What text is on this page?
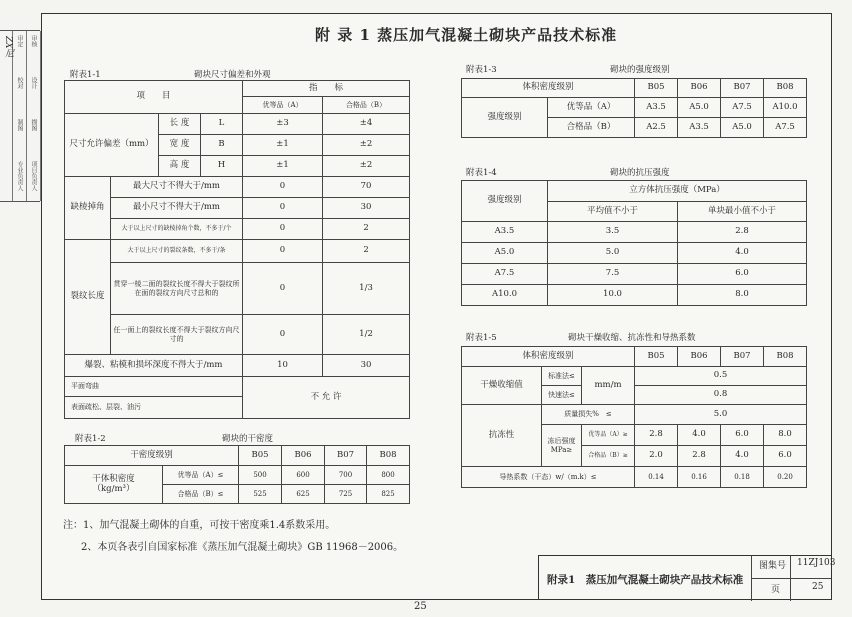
审定 审核
校对 设计
制图 描图
专业负责人 项目负责人
ZX尼
附 录 1 蒸压加气混凝土砌块产品技术标准
附表1-1	砌块尺寸偏差和外观
项　　目				指　　标	
				优等品（A）	合格品（B）
尺寸允许偏差（mm）		长 度	L	±3	±4
		宽 度	B	±1	±2
		高 度	H	±1	±2
缺棱掉角	最大尺寸不得大于/mm			0	70
	最小尺寸不得大于/mm			0	30
	大于以上尺寸的缺棱掉角个数，不多于/个			0	2
裂纹长度	大于以上尺寸的裂纹条数，不多于/条			0	2
	贯穿一棱二面的裂纹长度不得大于裂纹所在面的裂纹方向尺寸总和的			0	1/3
	任一面上的裂纹长度不得大于裂纹方向尺寸的			0	1/2
爆裂、粘模和损坏深度不得大于/mm				10	30
平面弯曲				不 允 许	
表面疏松、层裂、油污					
附表1-2	砌块的干密度
干密度级别		B05	B06	B07	B08
干体积密度
（kg/m³）	优等品（A）≤	500	600	700	800
	合格品（B）≤	525	625	725	825
附表1-3	砌块的强度级别
体积密度级别		B05	B06	B07	B08
强度级别	优等品（A）	A3.5	A5.0	A7.5	A10.0
	合格品（B）	A2.5	A3.5	A5.0	A7.5
附表1-4	砌块的抗压强度
强度级别	立方体抗压强度（MPa）	
	平均值不小于	单块最小值不小于
A3.5	3.5	2.8
A5.0	5.0	4.0
A7.5	7.5	6.0
A10.0	10.0	8.0
附表1-5	砌块干燥收缩、抗冻性和导热系数
体积密度级别			B05	B06	B07	B08
干燥收缩值	标准法≤	mm/m	0.5			
	快速法≤		0.8			
抗冻性	质量损失%　≤		5.0			
	冻后强度
MPa≥	优等品（A）≥	2.8	4.0	6.0	8.0
		合格品（B）≥	2.0	2.8	4.0	6.0
导热系数（干态）w/（m.k）≤			0.14	0.16	0.18	0.20
注：1、加气混凝土砌体的自重，可按干密度乘1.4系数采用。
2、本页各表引自国家标准《蒸压加气混凝土砌块》GB 11968－2006。
附录1　蒸压加气混凝土砌块产品技术标准
图集号 11ZJ103
页	25
25
